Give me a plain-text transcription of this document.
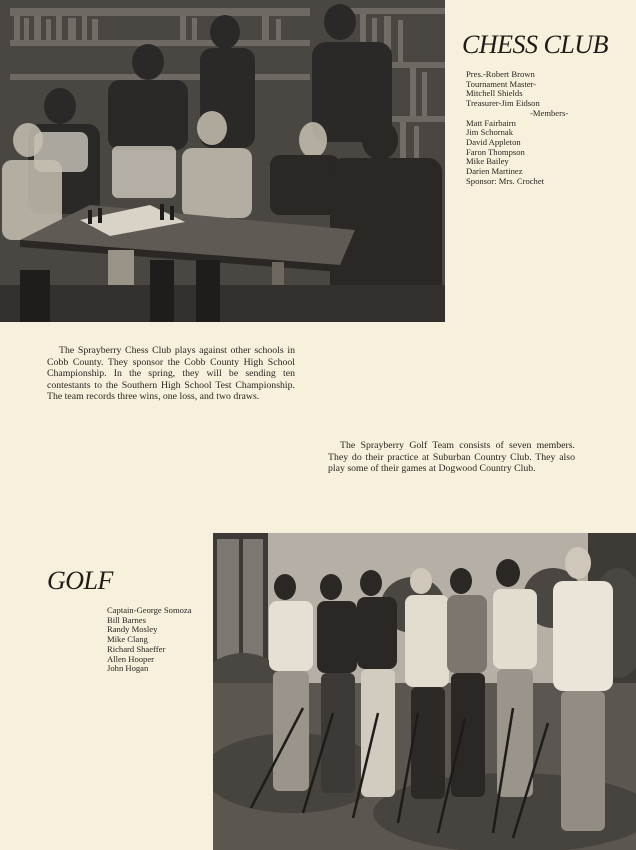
CHESS CLUB
Pres.-Robert Brown
Tournament Master-
Mitchell Shields
Treasurer-Jim Eidson
-Members-
Matt Fairbairn
Jim Schornak
David Appleton
Faron Thompson
Mike Bailey
Darien Martinez
Sponsor: Mrs. Crochet

The Sprayberry Chess Club plays against other schools in Cobb County. They sponsor the Cobb County High School Championship. In the spring, they will be sending ten contestants to the Southern High School Test Championship. The team records three wins, one loss, and two draws.

The Sprayberry Golf Team consists of seven members. They do their practice at Suburban Country Club. They also play some of their games at Dogwood Country Club.

GOLF
Captain-George Somoza
Bill Barnes
Randy Mosley
Mike Clang
Richard Shaeffer
Allen Hooper
John Hogan
